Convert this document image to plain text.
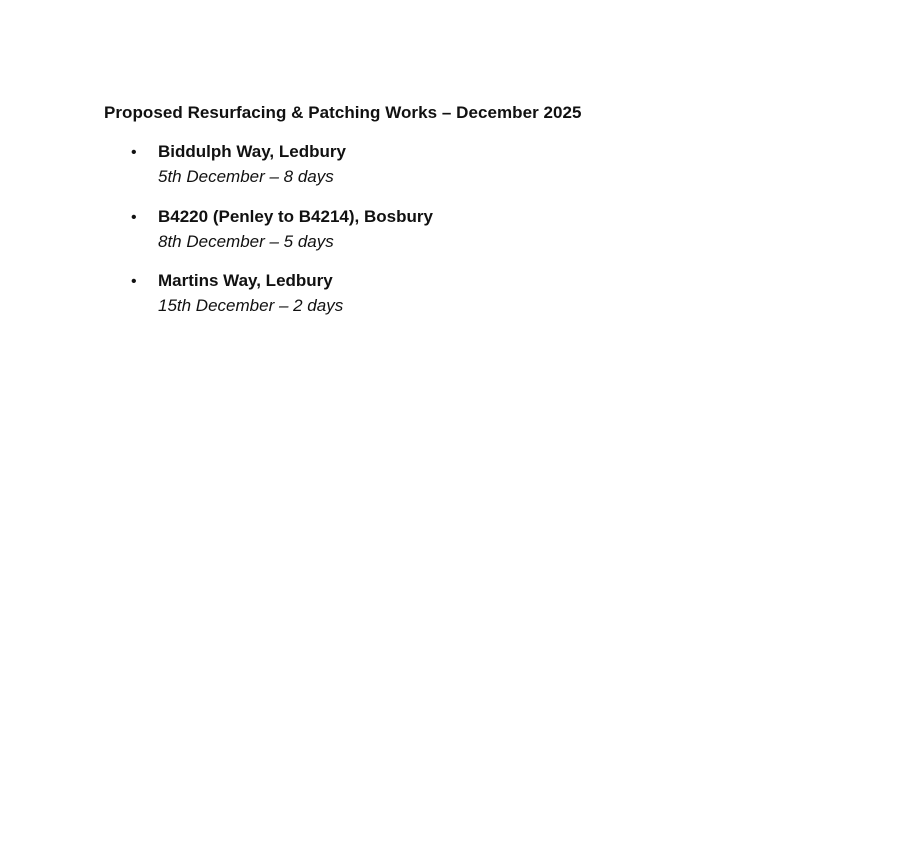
Proposed Resurfacing & Patching Works – December 2025
• Biddulph Way, Ledbury
5th December – 8 days
• B4220 (Penley to B4214), Bosbury
8th December – 5 days
• Martins Way, Ledbury
15th December – 2 days
